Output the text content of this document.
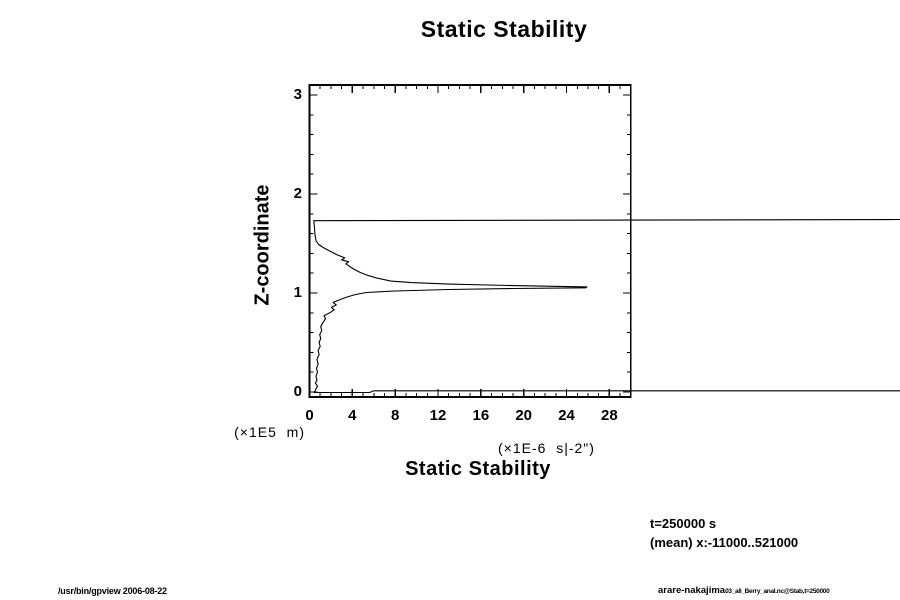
Static Stability
Z-coordinate
(×1E5  m)
(×1E-6  s|-2")
Static Stability
t=250000 s
(mean) x:-11000..521000
/usr/bin/gpview 2006-08-22	arare-nakajima03_all_Berry_anal.nc@Stab,t=250000
0	4	8	12	16	20	24	28
0
1
2
3
